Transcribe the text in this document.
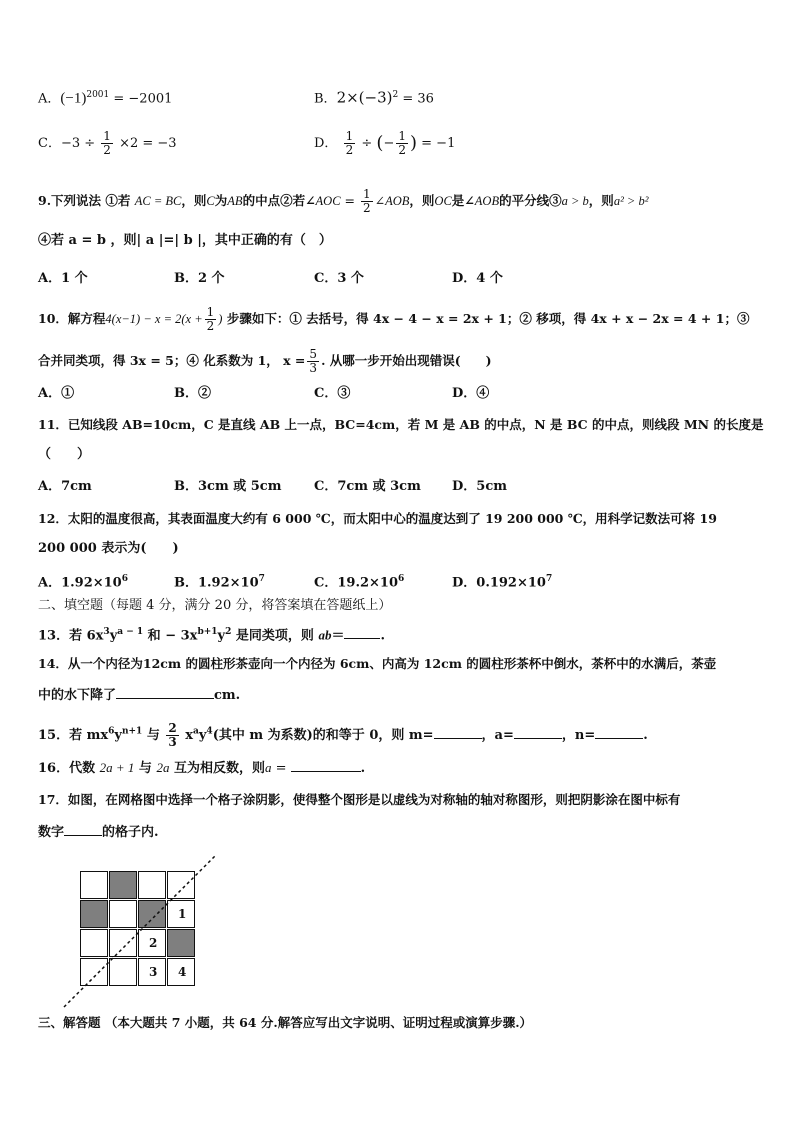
A．$(-1)^{2001} = -2001$	B．$2\times(-3)^2 = 36$
C．$-3 \div \frac{1}{2} \times 2 = -3$	D． $\frac{1}{2}$ ÷ (− $\frac{1}{2}$ ) = −1
9.下列说法 ①若 AC = BC，则C为AB的中点②若∠AOC = $\frac{1}{2}$ ∠AOB，则OC是∠AOB的平分线③a > b，则a² > b²
④若 a = b ，则| a |=| b |，其中正确的有（　）
A．1 个	B．2 个	C．3 个	D．4 个
10．解方程$4(x-1) - x = 2(x + \frac{1}{2}$ ) 步骤如下：① 去括号，得 4x − 4 − x = 2x + 1；② 移项，得 4x + x − 2x = 4 + 1；③
合并同类项，得 3x = 5；④ 化系数为 1， $x = \frac{5}{3}$ . 从哪一步开始出现错误(　　)
A．①	B．②	C．③	D．④
11．已知线段 AB=10cm，C 是直线 AB 上一点，BC=4cm，若 M 是 AB 的中点，N 是 BC 的中点，则线段 MN 的长度是
（　　）
A．7cm	B．3cm 或 5cm	C．7cm 或 3cm D．5cm
12．太阳的温度很高，其表面温度大约有 6 000 ℃，而太阳中心的温度达到了 19 200 000 ℃，用科学记数法可将 19
200 000 表示为(　　)
A．$1.92\times 10^6$	B．$1.92\times 10^7$	C．$19.2\times 10^6$	D．$0.192\times 10^7$
二、填空题（每题 4 分，满分 20 分，将答案填在答题纸上）
13．若 $6x^3y^{a - 1}$ 和 − $3x^{b+1}y^2$ 是同类项，则 ab＝	.
14．从一个内径为12cm 的圆柱形茶壶向一个内径为 6cm、内高为 12cm 的圆柱形茶杯中倒水，茶杯中的水满后，茶壶
中的水下降了	cm.
15．若 $mx^6y^{n+1}$ 与 $\frac{2}{3} x^ay^4$(其中 m 为系数)的和等于 0，则 m=	，a=	，n=	.
16．代数 2a + 1 与 2a 互为相反数，则a =	.
17．如图，在网格图中选择一个格子涂阴影，使得整个图形是以虚线为对称轴的轴对称图形，则把阴影涂在图中标有
数字	的格子内.
1
2
3 4
三、解答题 （本大题共 7 小题，共 64 分.解答应写出文字说明、证明过程或演算步骤.）
